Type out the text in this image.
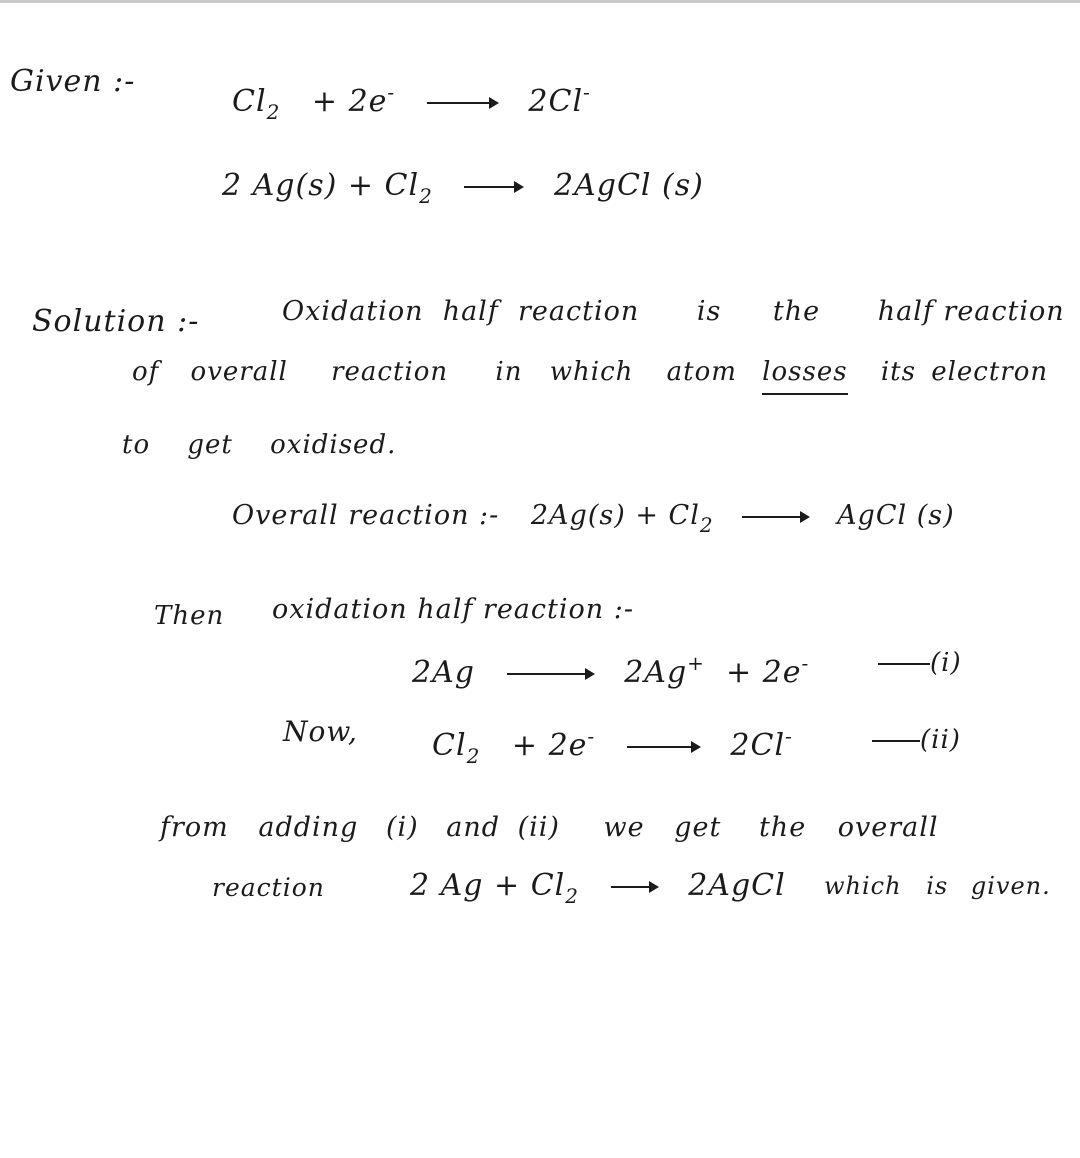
Given :-
$Cl_2 + 2e^- \to 2Cl^-$
2 $Ag(s) + Cl_2$ → 2AgCl (s)
Solution :-	Oxidation half reaction is the half reaction
of overall reaction in which atom losses its electron
to get oxidised.
Overall reaction :- $2Ag(s) + Cl_2$ → AgCl (s)
Then oxidation half reaction :-
2Ag → 2Ag+ + 2e-	(i)
Now, $Cl_2 + 2e^- \to 2Cl^-$	(ii)
from adding (i) and (ii) we get the overall
reaction	2 $Ag + Cl_2$ → 2AgCl which is given.
